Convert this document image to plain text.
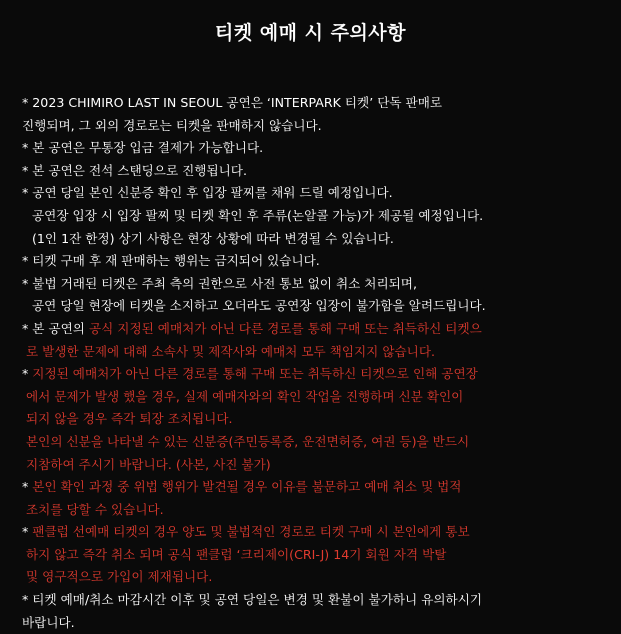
티켓 예매 시 주의사항
* 2023 CHIMIRO LAST IN SEOUL 공연은 ‘INTERPARK 티켓’ 단독 판매로
진행되며, 그 외의 경로로는 티켓을 판매하지 않습니다.
* 본 공연은 무통장 입금 결제가 가능합니다.
* 본 공연은 전석 스탠딩으로 진행됩니다.
* 공연 당일 본인 신분증 확인 후 입장 팔찌를 채워 드릴 예정입니다.
공연장 입장 시 입장 팔찌 및 티켓 확인 후 주류(논알콜 가능)가 제공될 예정입니다.
(1인 1잔 한정) 상기 사항은 현장 상황에 따라 변경될 수 있습니다.
* 티켓 구매 후 재 판매하는 행위는 금지되어 있습니다.
* 불법 거래된 티켓은 주최 측의 권한으로 사전 통보 없이 취소 처리되며,
공연 당일 현장에 티켓을 소지하고 오더라도 공연장 입장이 불가함을 알려드립니다.
* 본 공연의 공식 지정된 예매처가 아닌 다른 경로를 통해 구매 또는 취득하신 티켓으
로 발생한 문제에 대해 소속사 및 제작사와 예매처 모두 책임지지 않습니다.
* 지정된 예매처가 아닌 다른 경로를 통해 구매 또는 취득하신 티켓으로 인해 공연장
에서 문제가 발생 했을 경우, 실제 예매자와의 확인 작업을 진행하며 신분 확인이
되지 않을 경우 즉각 퇴장 조치됩니다.
본인의 신분을 나타낼 수 있는 신분증(주민등록증, 운전면허증, 여권 등)을 반드시
지참하여 주시기 바랍니다. (사본, 사진 불가)
* 본인 확인 과정 중 위법 행위가 발견될 경우 이유를 불문하고 예매 취소 및 법적
조치를 당할 수 있습니다.
* 팬클럽 선예매 티켓의 경우 양도 및 불법적인 경로로 티켓 구매 시 본인에게 통보
하지 않고 즉각 취소 되며 공식 팬클럽 ‘크리제이(CRI-J) 14기 회원 자격 박탈
및 영구적으로 가입이 제재됩니다.
* 티켓 예매/취소 마감시간 이후 및 공연 당일은 변경 및 환불이 불가하니 유의하시기
바랍니다.
